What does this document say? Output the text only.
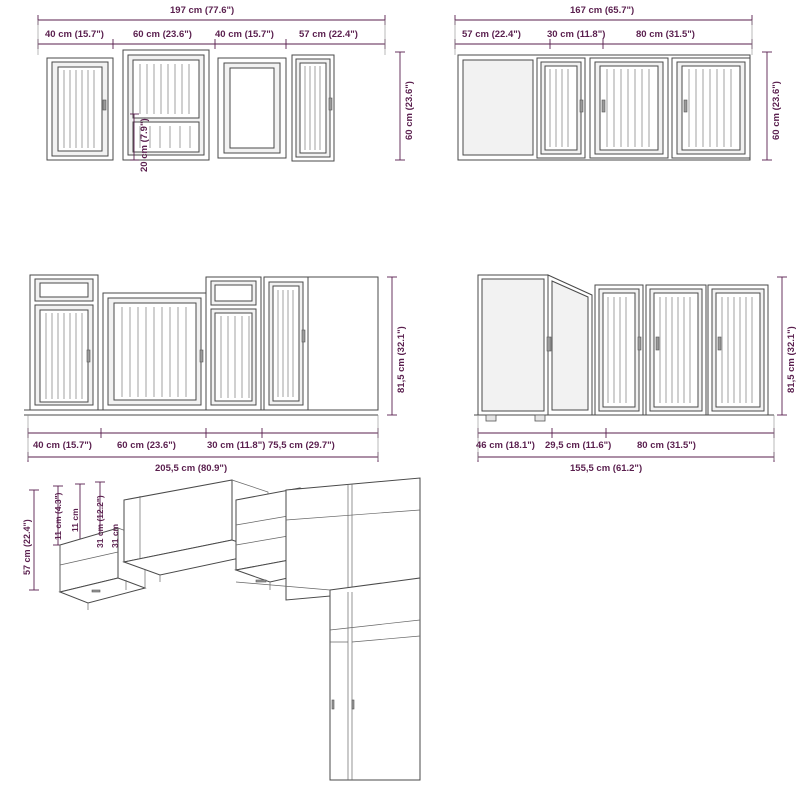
197 cm (77.6")
40 cm (15.7")	60 cm (23.6") 40 cm (15.7")	57 cm (22.4")
60 cm (23.6")
20 cm (7.9")
167 cm (65.7")
57 cm (22.4")	30 cm (11.8")	80 cm (31.5")
60 cm (23.6")
81,5 cm (32.1")
40 cm (15.7")	60 cm (23.6")	30 cm (11.8") 75,5 cm (29.7")
205,5 cm (80.9")
81,5 cm (32.1")
46 cm (18.1") 29,5 cm (11.6")	80 cm (31.5")
155,5 cm (61.2")
57 cm (22.4")
11 cm (4.3")	31 cm (12.2")
11 cm
31 cm
